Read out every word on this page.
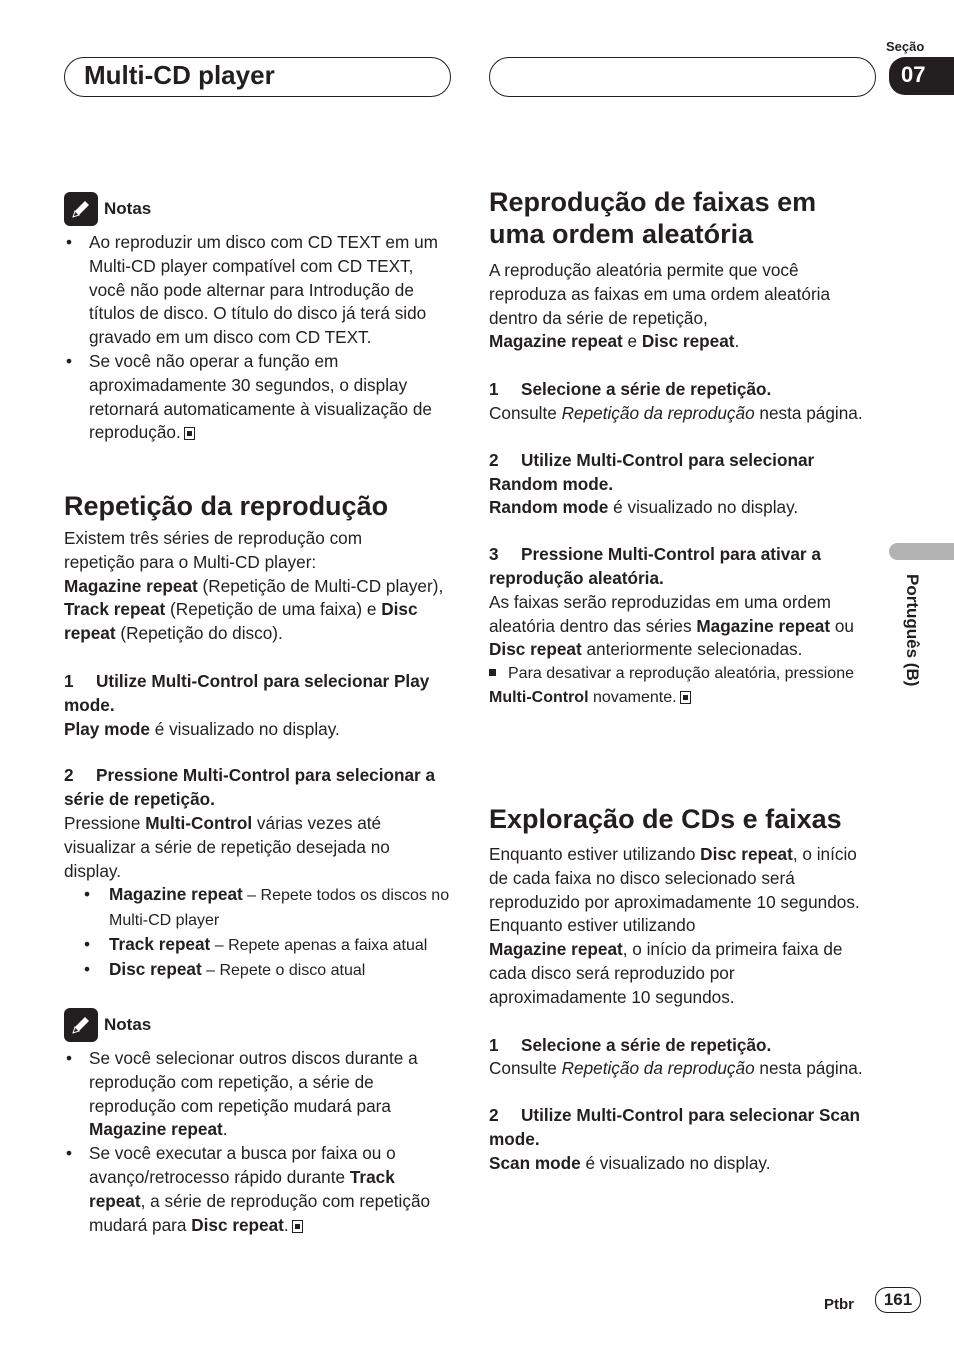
Multi-CD player
Seção
07
Português (B)
Notas

• Ao reproduzir um disco com CD TEXT em um Multi-CD player compatível com CD TEXT, você não pode alternar para Introdução de títulos de disco. O título do disco já terá sido gravado em um disco com CD TEXT.

• Se você não operar a função em aproximadamente 30 segundos, o display retornará automaticamente à visualização de reprodução.

Repetição da reprodução

Existem três séries de reprodução com repetição para o Multi-CD player:

Magazine repeat (Repetição de Multi-CD player), Track repeat (Repetição de uma faixa) e Disc repeat (Repetição do disco).

1 Utilize Multi-Control para selecionar Play mode.

Play mode é visualizado no display.

2 Pressione Multi-Control para selecionar a série de repetição.

Pressione Multi-Control várias vezes até visualizar a série de repetição desejada no display.

• Magazine repeat – Repete todos os discos no Multi-CD player

• Track repeat – Repete apenas a faixa atual

• Disc repeat – Repete o disco atual

Notas

• Se você selecionar outros discos durante a reprodução com repetição, a série de reprodução com repetição mudará para Magazine repeat.

• Se você executar a busca por faixa ou o avanço/retrocesso rápido durante Track repeat, a série de reprodução com repetição mudará para Disc repeat.

Reprodução de faixas em uma ordem aleatória

A reprodução aleatória permite que você reproduza as faixas em uma ordem aleatória dentro da série de repetição,

Magazine repeat e Disc repeat.

1 Selecione a série de repetição.

Consulte Repetição da reprodução nesta página.

2 Utilize Multi-Control para selecionar Random mode.

Random mode é visualizado no display.

3 Pressione Multi-Control para ativar a reprodução aleatória.

As faixas serão reproduzidas em uma ordem aleatória dentro das séries Magazine repeat ou Disc repeat anteriormente selecionadas.

Para desativar a reprodução aleatória, pressione Multi-Control novamente.

Exploração de CDs e faixas

Enquanto estiver utilizando Disc repeat, o início de cada faixa no disco selecionado será reproduzido por aproximadamente 10 segundos. Enquanto estiver utilizando
Magazine repeat, o início da primeira faixa de cada disco será reproduzido por aproximadamente 10 segundos.

1 Selecione a série de repetição.

Consulte Repetição da reprodução nesta página.

2 Utilize Multi-Control para selecionar Scan mode.

Scan mode é visualizado no display.

Ptbr	161
